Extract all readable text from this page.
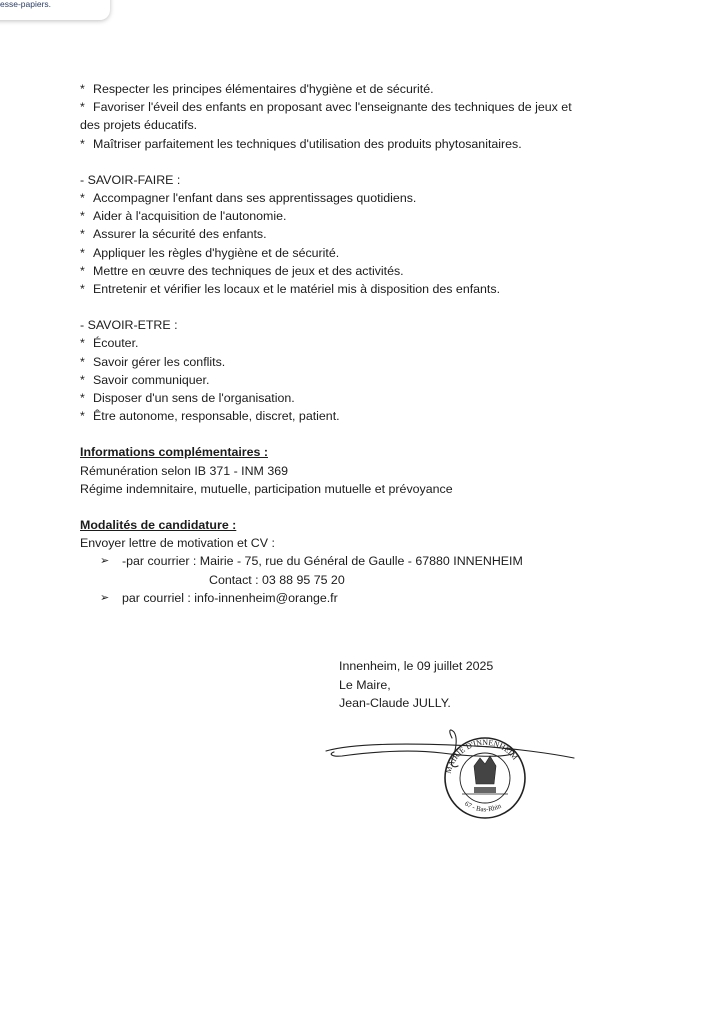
esse-papiers.
* Respecter les principes élémentaires d'hygiène et de sécurité.
* Favoriser l'éveil des enfants en proposant avec l'enseignante des techniques de jeux et
des projets éducatifs.
* Maîtriser parfaitement les techniques d'utilisation des produits phytosanitaires.
- SAVOIR-FAIRE :
* Accompagner l'enfant dans ses apprentissages quotidiens.
* Aider à l'acquisition de l'autonomie.
* Assurer la sécurité des enfants.
* Appliquer les règles d'hygiène et de sécurité.
* Mettre en œuvre des techniques de jeux et des activités.
* Entretenir et vérifier les locaux et le matériel mis à disposition des enfants.
- SAVOIR-ETRE :
* Écouter.
* Savoir gérer les conflits.
* Savoir communiquer.
* Disposer d'un sens de l'organisation.
* Être autonome, responsable, discret, patient.
Informations complémentaires :
Rémunération selon IB 371 - INM 369
Régime indemnitaire, mutuelle, participation mutuelle et prévoyance
Modalités de candidature :
Envoyer lettre de motivation et CV :
➢ -par courrier : Mairie - 75, rue du Général de Gaulle - 67880 INNENHEIM
Contact : 03 88 95 75 20
➢ par courriel : info-innenheim@orange.fr
Innenheim, le 09 juillet 2025
Le Maire,
Jean-Claude JULLY.
MAIRIE D'INNENHEIM
67 - Bas-Rhin
